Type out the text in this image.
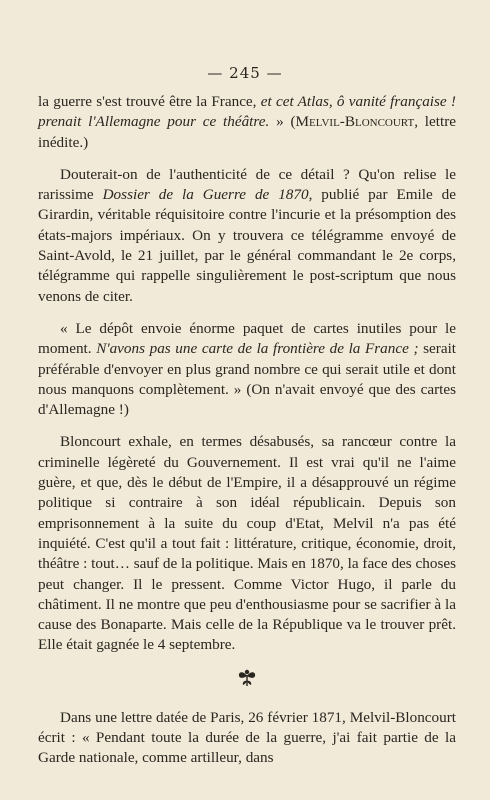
— 245 —

la guerre s'est trouvé être la France, et cet Atlas, ô vanité française ! prenait l'Allemagne pour ce théâtre. » (Melvil-Bloncourt, lettre inédite.)

Douterait-on de l'authenticité de ce détail ? Qu'on relise le rarissime Dossier de la Guerre de 1870, publié par Emile de Girardin, véritable réquisitoire contre l'incurie et la présomption des états-majors impériaux. On y trouvera ce télégramme envoyé de Saint-Avold, le 21 juillet, par le général commandant le 2e corps, télégramme qui rappelle singulièrement le post-scriptum que nous venons de citer.

« Le dépôt envoie énorme paquet de cartes inutiles pour le moment. N'avons pas une carte de la frontière de la France ; serait préférable d'envoyer en plus grand nombre ce qui serait utile et dont nous manquons complètement. » (On n'avait envoyé que des cartes d'Allemagne !)

Bloncourt exhale, en termes désabusés, sa rancœur contre la criminelle légèreté du Gouvernement. Il est vrai qu'il ne l'aime guère, et que, dès le début de l'Empire, il a désapprouvé un régime politique si contraire à son idéal républicain. Depuis son emprisonnement à la suite du coup d'Etat, Melvil n'a pas été inquiété. C'est qu'il a tout fait : littérature, critique, économie, droit, théâtre : tout… sauf de la politique. Mais en 1870, la face des choses peut changer. Il le pressent. Comme Victor Hugo, il parle du châtiment. Il ne montre que peu d'enthousiasme pour se sacrifier à la cause des Bonaparte. Mais celle de la République va le trouver prêt. Elle était gagnée le 4 septembre.

Dans une lettre datée de Paris, 26 février 1871, Melvil-Bloncourt écrit : « Pendant toute la durée de la guerre, j'ai fait partie de la Garde nationale, comme artilleur, dans
